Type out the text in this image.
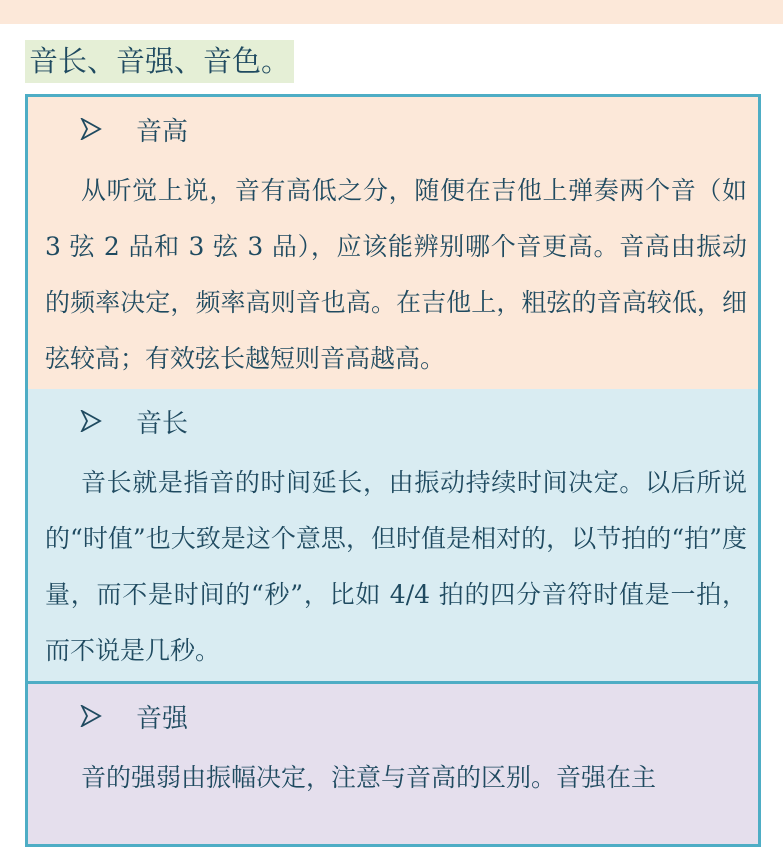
音长、音强、音色。
音高
从听觉上说，音有高低之分，随便在吉他上弹奏两个音（如 3 弦 2 品和 3 弦 3 品），应该能辨别哪个音更高。音高由振动的频率决定，频率高则音也高。在吉他上，粗弦的音高较低，细弦较高；有效弦长越短则音高越高。
音长
音长就是指音的时间延长，由振动持续时间决定。以后所说的“时值”也大致是这个意思，但时值是相对的，以节拍的“拍”度量，而不是时间的“秒”，比如 4/4 拍的四分音符时值是一拍，而不说是几秒。
音强
音的强弱由振幅决定，注意与音高的区别。音强在主
